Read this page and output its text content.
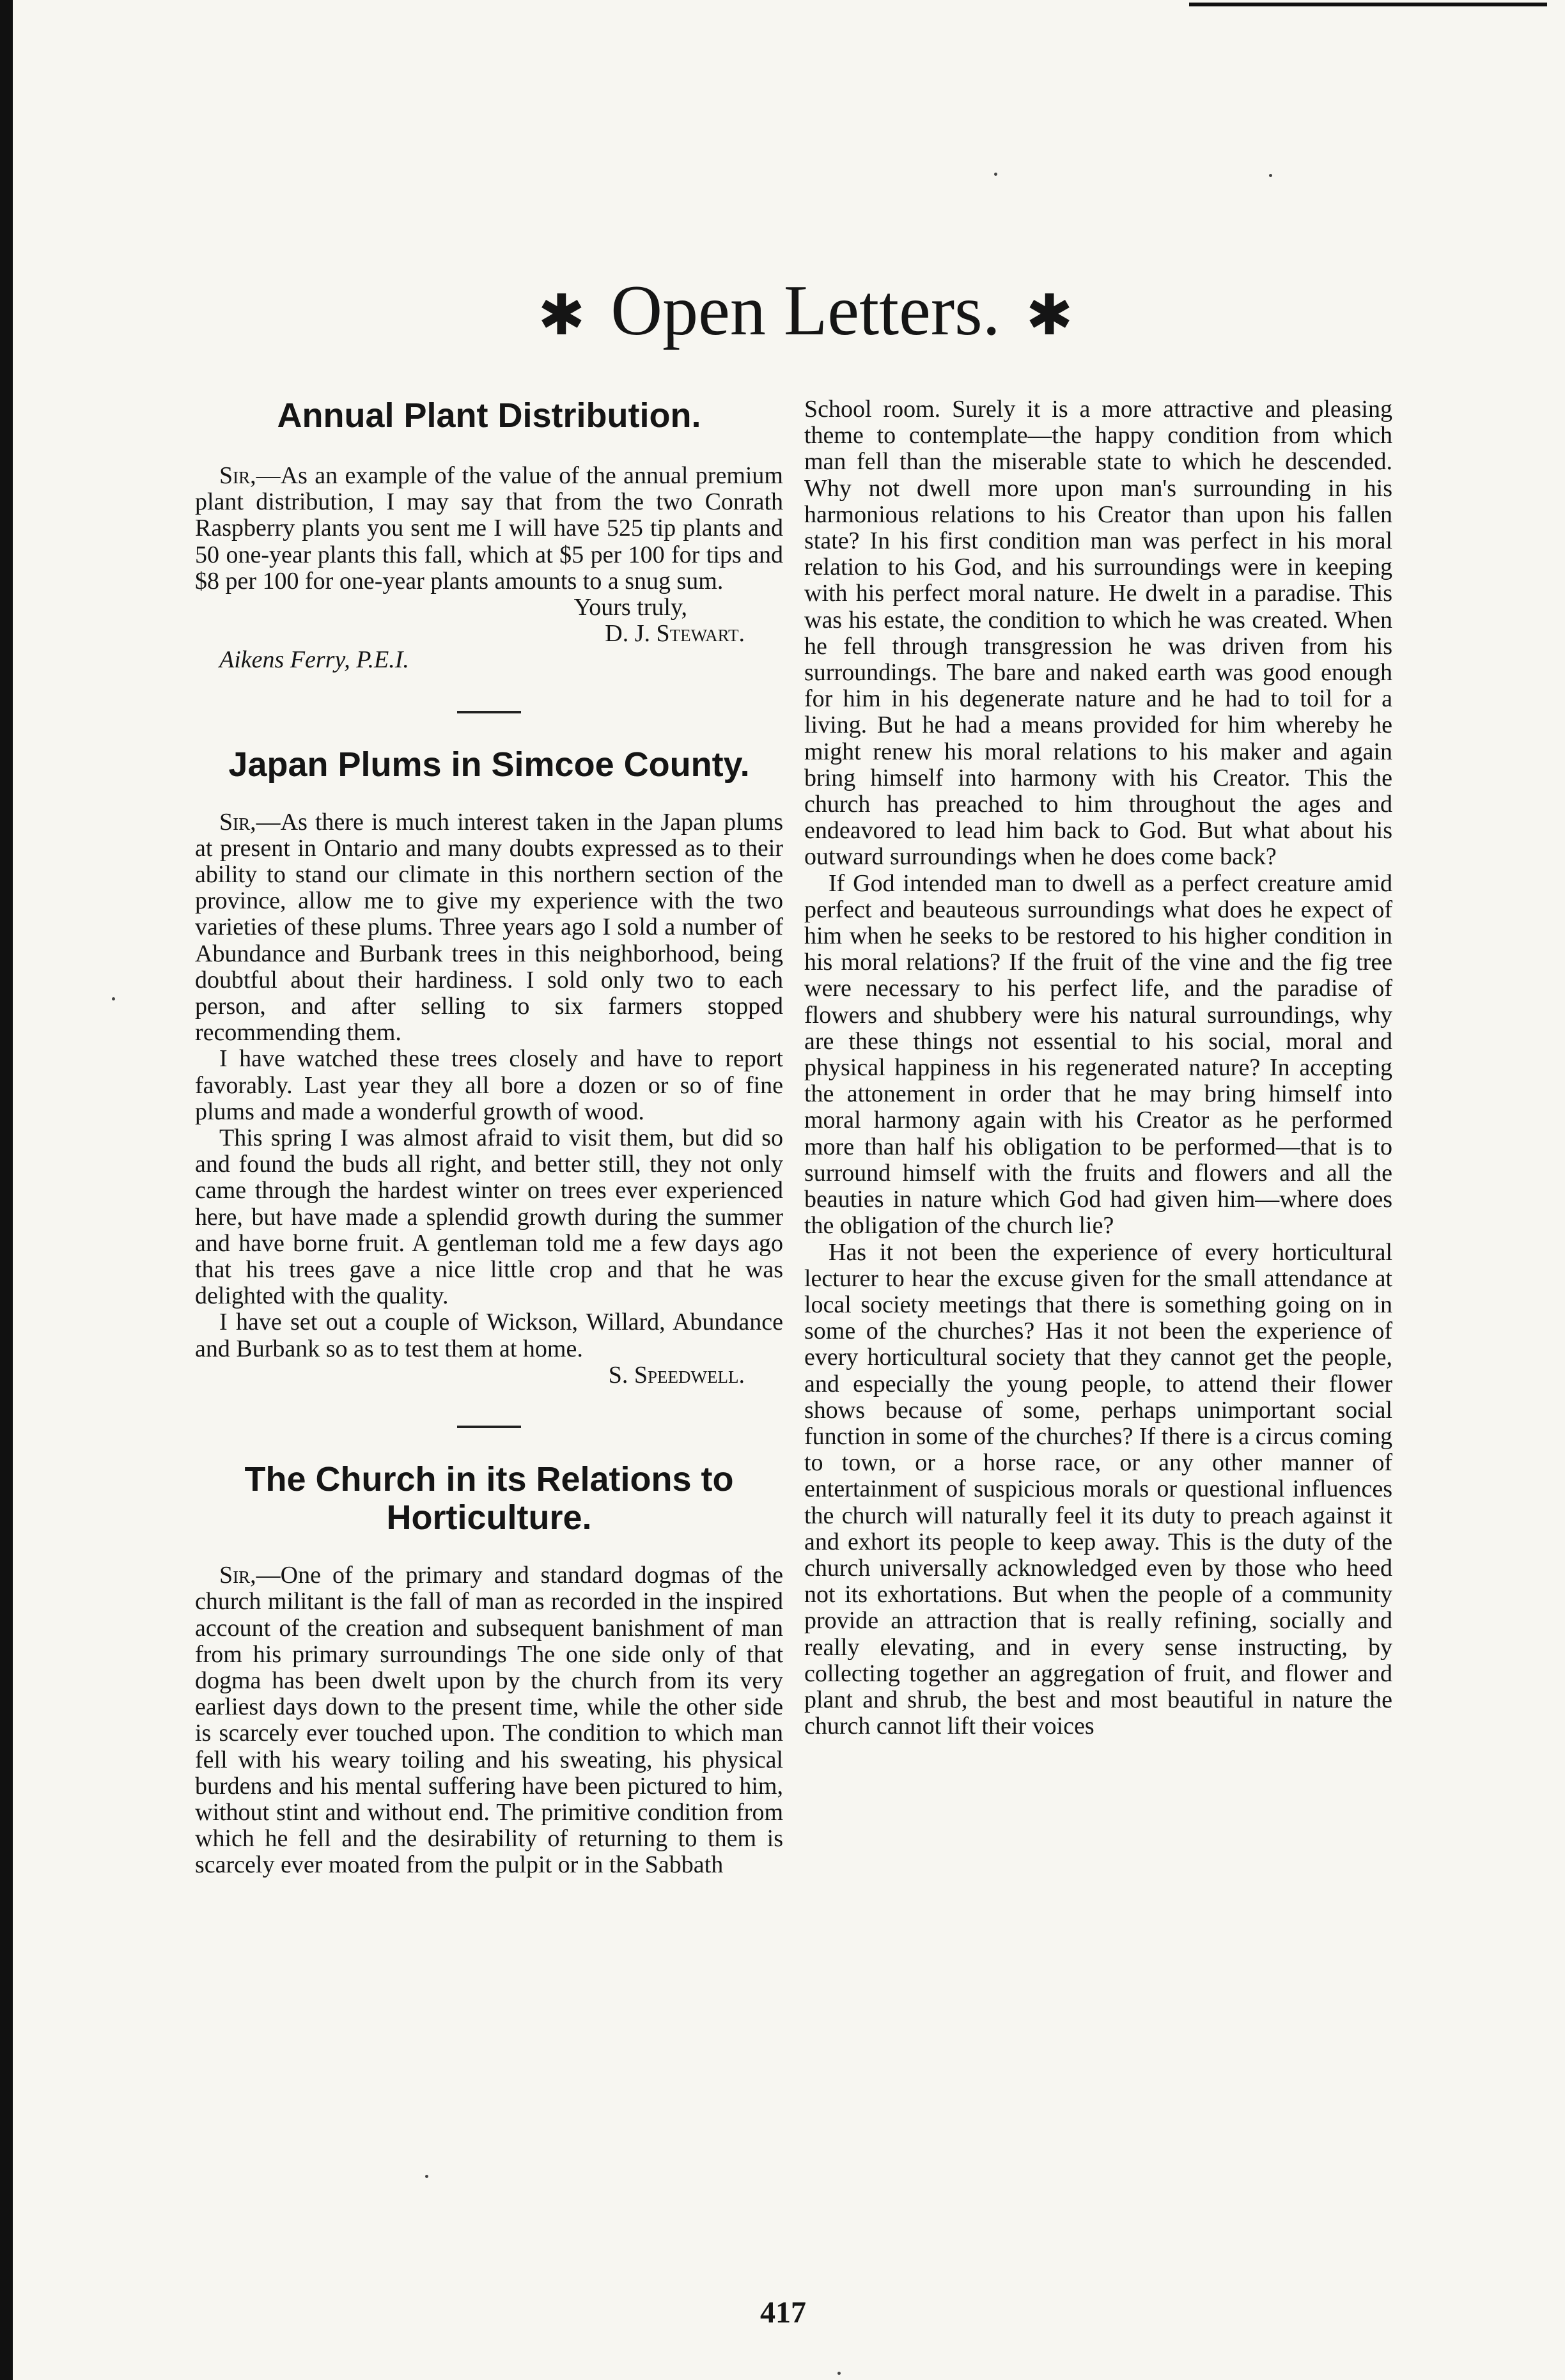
✱ Open Letters. ✱
Annual Plant Distribution.

Sir,—As an example of the value of the annual premium plant distribution, I may say that from the two Conrath Raspberry plants you sent me I will have 525 tip plants and 50 one-year plants this fall, which at $5 per 100 for tips and $8 per 100 for one-year plants amounts to a snug sum.

Yours truly,

D. J. Stewart.

Aikens Ferry, P.E.I.

Japan Plums in Simcoe County.

Sir,—As there is much interest taken in the Japan plums at present in Ontario and many doubts expressed as to their ability to stand our climate in this northern section of the province, allow me to give my experience with the two varieties of these plums. Three years ago I sold a number of Abundance and Burbank trees in this neighborhood, being doubtful about their hardiness. I sold only two to each person, and after selling to six farmers stopped recommending them.

I have watched these trees closely and have to report favorably. Last year they all bore a dozen or so of fine plums and made a wonderful growth of wood.

This spring I was almost afraid to visit them, but did so and found the buds all right, and better still, they not only came through the hardest winter on trees ever experienced here, but have made a splendid growth during the summer and have borne fruit. A gentleman told me a few days ago that his trees gave a nice little crop and that he was delighted with the quality.

I have set out a couple of Wickson, Willard, Abundance and Burbank so as to test them at home.

S. Speedwell.

The Church in its Relations to Horticulture.

Sir,—One of the primary and standard dogmas of the church militant is the fall of man as recorded in the inspired account of the creation and subsequent banishment of man from his primary surroundings The one side only of that dogma has been dwelt upon by the church from its very earliest days down to the present time, while the other side is scarcely ever touched upon. The condition to which man fell with his weary toiling and his sweating, his physical burdens and his mental suffering have been pictured to him, without stint and without end. The primitive condition from which he fell and the desirability of returning to them is scarcely ever moated from the pulpit or in the Sabbath

School room. Surely it is a more attractive and pleasing theme to contemplate—the happy condition from which man fell than the miserable state to which he descended. Why not dwell more upon man's surrounding in his harmonious relations to his Creator than upon his fallen state? In his first condition man was perfect in his moral relation to his God, and his surroundings were in keeping with his perfect moral nature. He dwelt in a paradise. This was his estate, the condition to which he was created. When he fell through transgression he was driven from his surroundings. The bare and naked earth was good enough for him in his degenerate nature and he had to toil for a living. But he had a means provided for him whereby he might renew his moral relations to his maker and again bring himself into harmony with his Creator. This the church has preached to him throughout the ages and endeavored to lead him back to God. But what about his outward surroundings when he does come back?

If God intended man to dwell as a perfect creature amid perfect and beauteous surroundings what does he expect of him when he seeks to be restored to his higher condition in his moral relations? If the fruit of the vine and the fig tree were necessary to his perfect life, and the paradise of flowers and shubbery were his natural surroundings, why are these things not essential to his social, moral and physical happiness in his regenerated nature? In accepting the attonement in order that he may bring himself into moral harmony again with his Creator as he performed more than half his obligation to be performed—that is to surround himself with the fruits and flowers and all the beauties in nature which God had given him—where does the obligation of the church lie?

Has it not been the experience of every horticultural lecturer to hear the excuse given for the small attendance at local society meetings that there is something going on in some of the churches? Has it not been the experience of every horticultural society that they cannot get the people, and especially the young people, to attend their flower shows because of some, perhaps unimportant social function in some of the churches? If there is a circus coming to town, or a horse race, or any other manner of entertainment of suspicious morals or questional influences the church will naturally feel it its duty to preach against it and exhort its people to keep away. This is the duty of the church universally acknowledged even by those who heed not its exhortations. But when the people of a community provide an attraction that is really refining, socially and really elevating, and in every sense instructing, by collecting together an aggregation of fruit, and flower and plant and shrub, the best and most beautiful in nature the church cannot lift their voices

417
